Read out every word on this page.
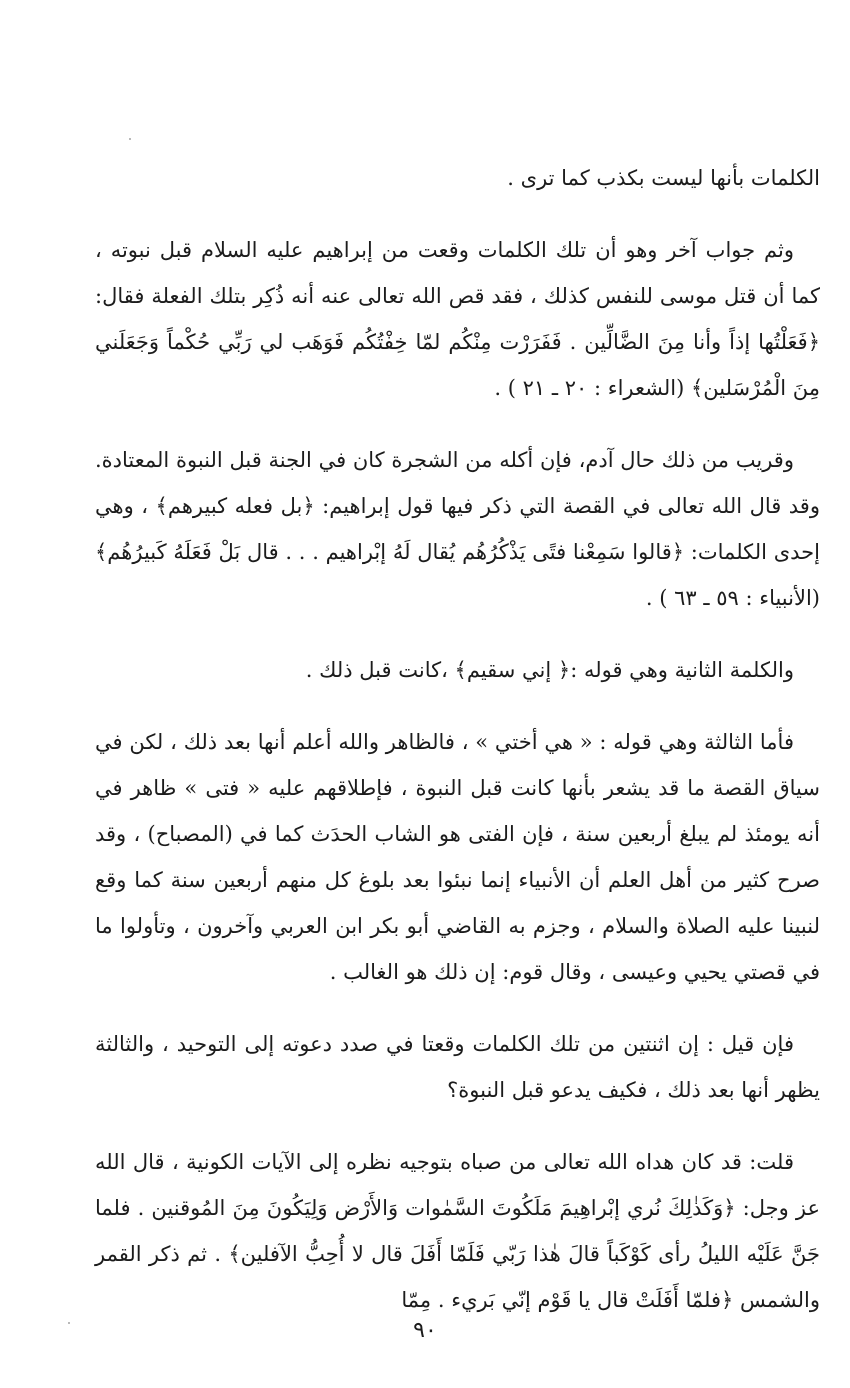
الكلمات بأنها ليست بكذب كما ترى .

وثم جواب آخر وهو أن تلك الكلمات وقعت من إبراهيم عليه السلام قبل نبوته ، كما أن قتل موسى للنفس كذلك ، فقد قص الله تعالى عنه أنه ذُكِر بتلك الفعلة فقال: ﴿فَعَلْتُها إذاً وأنا مِنَ الضَّالِّين . فَفَرَرْت مِنْكُم لمّا خِفْتُكُم فَوَهَب لي رَبِّي حُكْماً وَجَعَلَني مِنَ الْمُرْسَلين﴾ (الشعراء : ٢٠ ـ ٢١ ) .

وقريب من ذلك حال آدم، فإن أكله من الشجرة كان في الجنة قبل النبوة المعتادة. وقد قال الله تعالى في القصة التي ذكر فيها قول إبراهيم: ﴿بل فعله كبيرهم﴾ ، وهي إحدى الكلمات: ﴿قالوا سَمِعْنا فتًى يَذْكُرُهُم يُقال لَهُ إبْراهيم . . . قال بَلْ فَعَلَهُ كَبيرُهُم﴾ (الأنبياء : ٥٩ ـ ٦٣ ) .

والكلمة الثانية وهي قوله :﴿ إني سقيم﴾ ،كانت قبل ذلك .

فأما الثالثة وهي قوله : « هي أختي » ، فالظاهر والله أعلم أنها بعد ذلك ، لكن في سياق القصة ما قد يشعر بأنها كانت قبل النبوة ، فإطلاقهم عليه « فتى » ظاهر في أنه يومئذ لم يبلغ أربعين سنة ، فإن الفتى هو الشاب الحدَث كما في (المصباح) ، وقد صرح كثير من أهل العلم أن الأنبياء إنما نبئوا بعد بلوغ كل منهم أربعين سنة كما وقع لنبينا عليه الصلاة والسلام ، وجزم به القاضي أبو بكر ابن العربي وآخرون ، وتأولوا ما في قصتي يحيي وعيسى ، وقال قوم: إن ذلك هو الغالب .

فإن قيل : إن اثنتين من تلك الكلمات وقعتا في صدد دعوته إلى التوحيد ، والثالثة يظهر أنها بعد ذلك ، فكيف يدعو قبل النبوة؟

قلت: قد كان هداه الله تعالى من صباه بتوجيه نظره إلى الآيات الكونية ، قال الله عز وجل: ﴿وَكَذٰلِكَ نُري إبْراهِيمَ مَلَكُوتَ السَّمٰوات وَالأَرْض وَلِيَكُونَ مِنَ المُوقنين . فلما جَنَّ عَلَيْه الليلُ رأى كَوْكَباً قالَ هٰذا رَبّي فَلَمّا أَفَلَ قال لا أُحِبُّ الآفلين﴾ . ثم ذكر القمر والشمس ﴿فلمّا أَفَلَتْ قال يا قَوْم إنّي بَريء . مِمّا

٩٠
